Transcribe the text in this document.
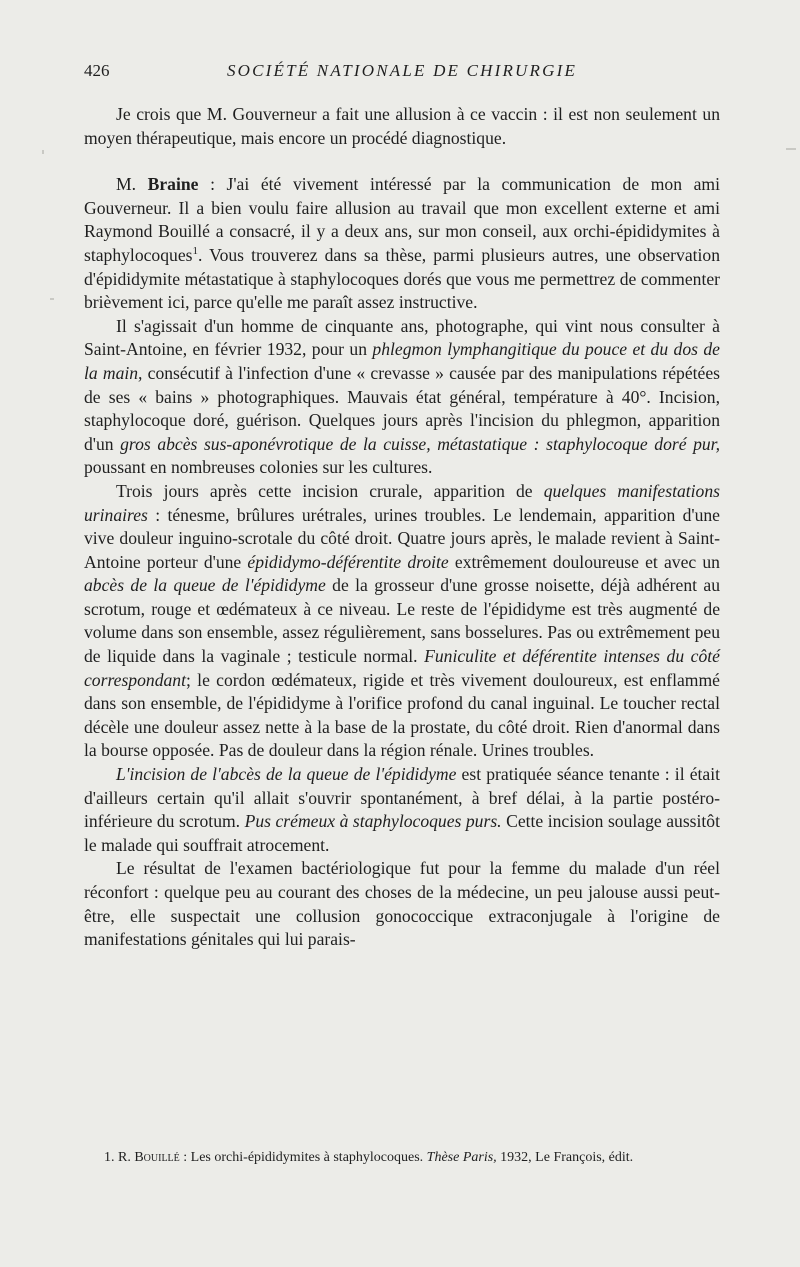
426	SOCIÉTÉ NATIONALE DE CHIRURGIE

Je crois que M. Gouverneur a fait une allusion à ce vaccin : il est non seulement un moyen thérapeutique, mais encore un procédé diagnostique.

M. Braine : J'ai été vivement intéressé par la communication de mon ami Gouverneur. Il a bien voulu faire allusion au travail que mon excellent externe et ami Raymond Bouillé a consacré, il y a deux ans, sur mon conseil, aux orchi-épididymites à staphylocoques$^1$. Vous trouverez dans sa thèse, parmi plusieurs autres, une observation d'épididymite métastatique à staphylocoques dorés que vous me permettrez de commenter brièvement ici, parce qu'elle me paraît assez instructive.

Il s'agissait d'un homme de cinquante ans, photographe, qui vint nous consulter à Saint-Antoine, en février 1932, pour un phlegmon lymphangitique du pouce et du dos de la main, consécutif à l'infection d'une « crevasse » causée par des manipulations répétées de ses « bains » photographiques. Mauvais état général, température à 40°. Incision, staphylocoque doré, guérison. Quelques jours après l'incision du phlegmon, apparition d'un gros abcès sus-aponévrotique de la cuisse, métastatique : staphylocoque doré pur, poussant en nombreuses colonies sur les cultures.

Trois jours après cette incision crurale, apparition de quelques manifestations urinaires : ténesme, brûlures urétrales, urines troubles. Le lendemain, apparition d'une vive douleur inguino-scrotale du côté droit. Quatre jours après, le malade revient à Saint-Antoine porteur d'une épididymo-déférentite droite extrêmement douloureuse et avec un abcès de la queue de l'épididyme de la grosseur d'une grosse noisette, déjà adhérent au scrotum, rouge et œdémateux à ce niveau. Le reste de l'épididyme est très augmenté de volume dans son ensemble, assez régulièrement, sans bosselures. Pas ou extrêmement peu de liquide dans la vaginale ; testicule normal. Funiculite et déférentite intenses du côté correspondant; le cordon œdémateux, rigide et très vivement douloureux, est enflammé dans son ensemble, de l'épididyme à l'orifice profond du canal inguinal. Le toucher rectal décèle une douleur assez nette à la base de la prostate, du côté droit. Rien d'anormal dans la bourse opposée. Pas de douleur dans la région rénale. Urines troubles.

L'incision de l'abcès de la queue de l'épididyme est pratiquée séance tenante : il était d'ailleurs certain qu'il allait s'ouvrir spontanément, à bref délai, à la partie postéro-inférieure du scrotum. Pus crémeux à staphylocoques purs. Cette incision soulage aussitôt le malade qui souffrait atrocement.

Le résultat de l'examen bactériologique fut pour la femme du malade d'un réel réconfort : quelque peu au courant des choses de la médecine, un peu jalouse aussi peut-être, elle suspectait une collusion gonococcique extraconjugale à l'origine de manifestations génitales qui lui parais-

1. R. Bouillé : Les orchi-épididymites à staphylocoques. Thèse Paris, 1932, Le François, édit.
